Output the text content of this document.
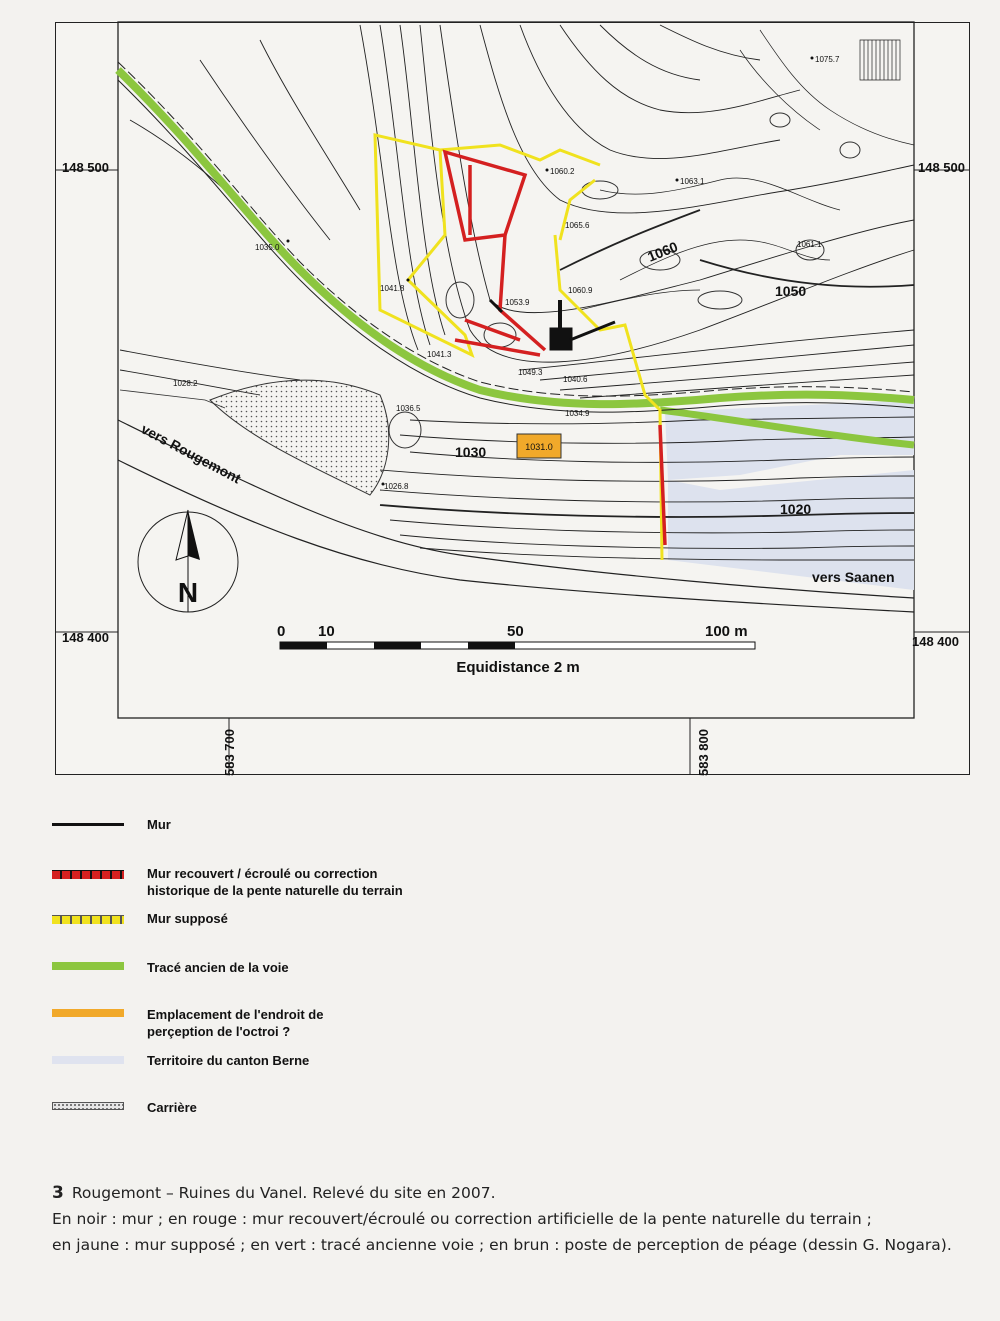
vers Rougemont
vers Saanen
1031.0
1060
1050
1030
1020
1075.7
1060.2
1063.1
1065.6
1061.1
1035.0
1041.8
1053.9
1060.9
1041.3
1049.3
1040.6
1028.2
1036.5
1034.9
1026.8
N
0 10	50	100 m
Equidistance 2 m
148 500	148 500
148 400	148 400
583 700	583 800
Mur
Mur recouvert / écroulé ou correction
historique de la pente naturelle du terrain
Mur supposé
Tracé ancien de la voie
Emplacement de l'endroit de
perçeption de l'octroi ?
Territoire du canton Berne
Carrière
3 Rougemont – Ruines du Vanel. Relevé du site en 2007.
En noir : mur ; en rouge : mur recouvert/écroulé ou correction artificielle de la pente naturelle du terrain ;
en jaune : mur supposé ; en vert : tracé ancienne voie ; en brun : poste de perception de péage (dessin G. Nogara).
